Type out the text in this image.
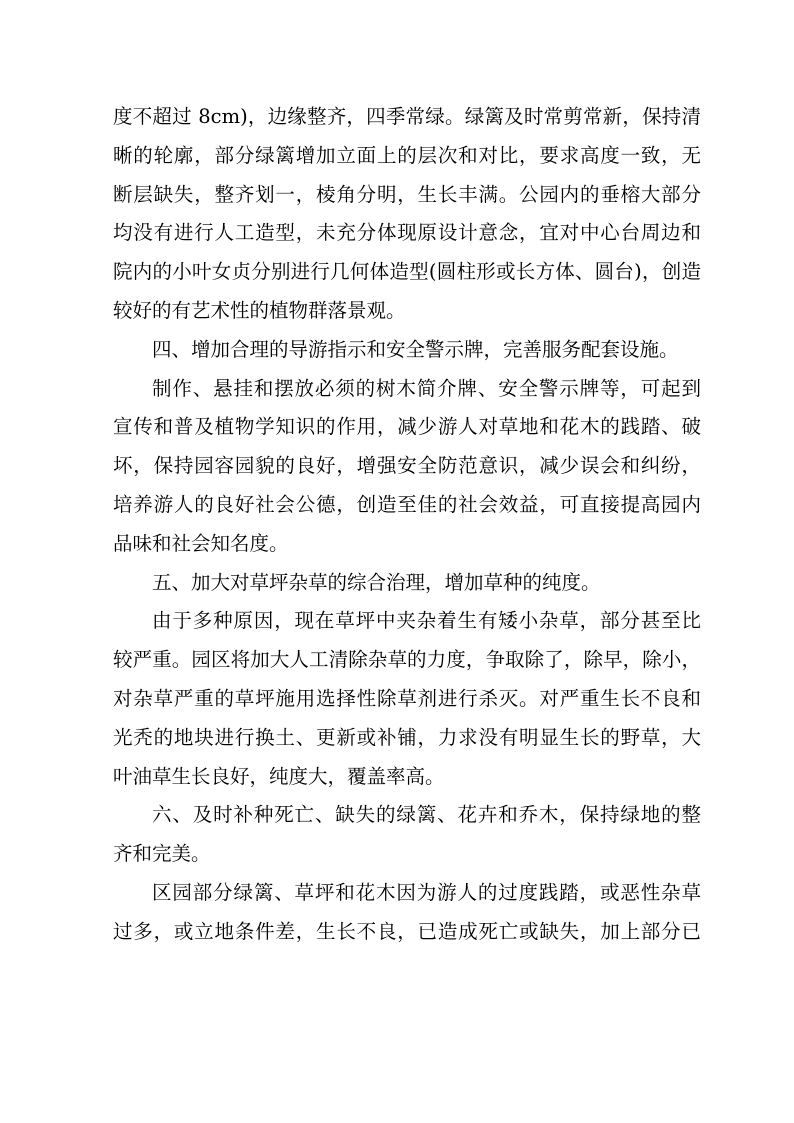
度不超过 8cm)，边缘整齐，四季常绿。绿篱及时常剪常新，保持清
晰的轮廓，部分绿篱增加立面上的层次和对比，要求高度一致，无
断层缺失，整齐划一，棱角分明，生长丰满。公园内的垂榕大部分
均没有进行人工造型，未充分体现原设计意念，宜对中心台周边和
院内的小叶女贞分别进行几何体造型(圆柱形或长方体、圆台)，创造
较好的有艺术性的植物群落景观。
四、增加合理的导游指示和安全警示牌，完善服务配套设施。
制作、悬挂和摆放必须的树木简介牌、安全警示牌等，可起到
宣传和普及植物学知识的作用，减少游人对草地和花木的践踏、破
坏，保持园容园貌的良好，增强安全防范意识，减少误会和纠纷，
培养游人的良好社会公德，创造至佳的社会效益，可直接提高园内
品味和社会知名度。
五、加大对草坪杂草的综合治理，增加草种的纯度。
由于多种原因，现在草坪中夹杂着生有矮小杂草，部分甚至比
较严重。园区将加大人工清除杂草的力度，争取除了，除早，除小，
对杂草严重的草坪施用选择性除草剂进行杀灭。对严重生长不良和
光秃的地块进行换土、更新或补铺，力求没有明显生长的野草，大
叶油草生长良好，纯度大，覆盖率高。
六、及时补种死亡、缺失的绿篱、花卉和乔木，保持绿地的整
齐和完美。
区园部分绿篱、草坪和花木因为游人的过度践踏，或恶性杂草
过多，或立地条件差，生长不良，已造成死亡或缺失，加上部分已
